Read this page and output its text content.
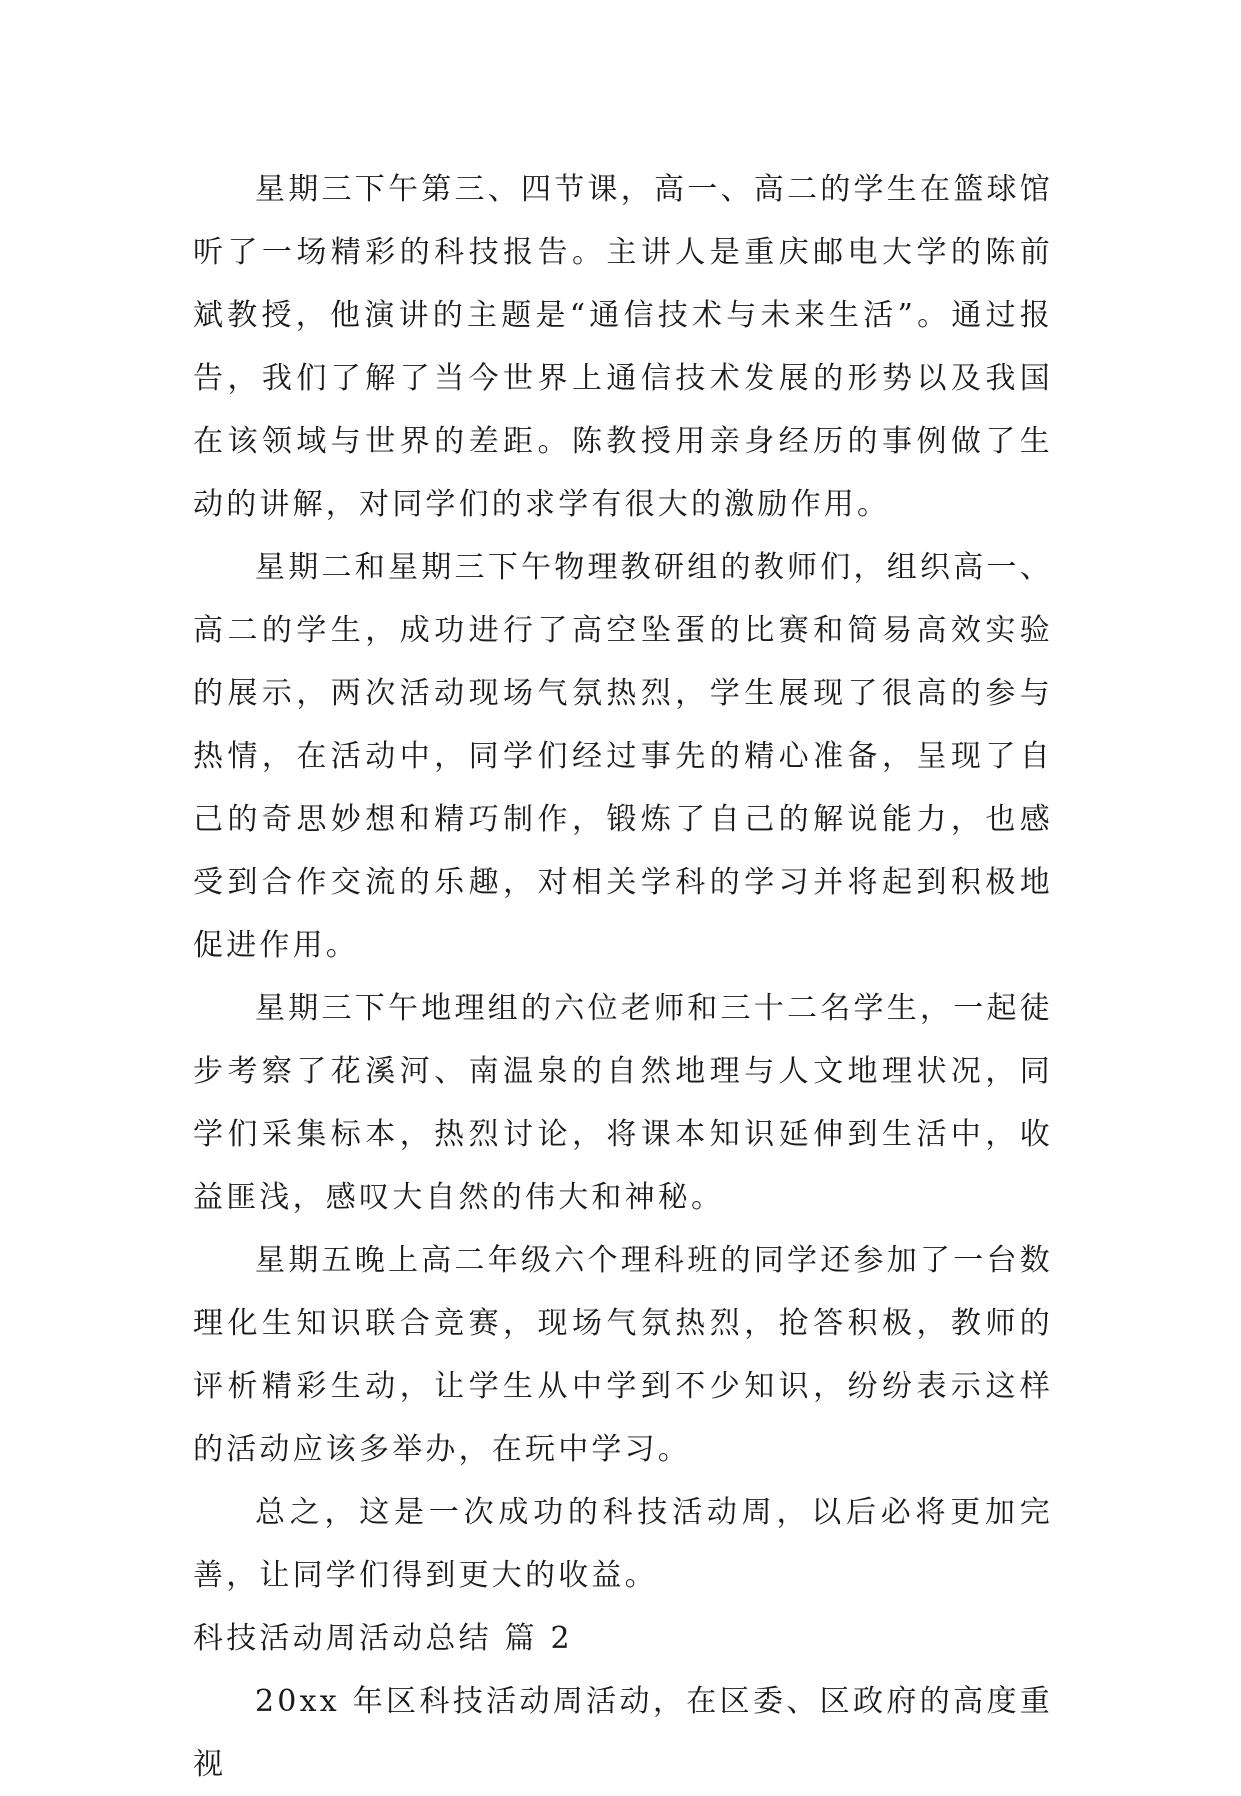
星期三下午第三、四节课，高一、高二的学生在篮球馆听了一场精彩的科技报告。主讲人是重庆邮电大学的陈前斌教授，他演讲的主题是“通信技术与未来生活”。通过报告，我们了解了当今世界上通信技术发展的形势以及我国在该领域与世界的差距。陈教授用亲身经历的事例做了生动的讲解，对同学们的求学有很大的激励作用。

星期二和星期三下午物理教研组的教师们，组织高一、高二的学生，成功进行了高空坠蛋的比赛和简易高效实验的展示，两次活动现场气氛热烈，学生展现了很高的参与热情，在活动中，同学们经过事先的精心准备，呈现了自己的奇思妙想和精巧制作，锻炼了自己的解说能力，也感受到合作交流的乐趣，对相关学科的学习并将起到积极地促进作用。

星期三下午地理组的六位老师和三十二名学生，一起徒步考察了花溪河、南温泉的自然地理与人文地理状况，同学们采集标本，热烈讨论，将课本知识延伸到生活中，收益匪浅，感叹大自然的伟大和神秘。

星期五晚上高二年级六个理科班的同学还参加了一台数理化生知识联合竞赛，现场气氛热烈，抢答积极，教师的评析精彩生动，让学生从中学到不少知识，纷纷表示这样的活动应该多举办，在玩中学习。

总之，这是一次成功的科技活动周，以后必将更加完善，让同学们得到更大的收益。

科技活动周活动总结 篇 2

20xx 年区科技活动周活动，在区委、区政府的高度重视
